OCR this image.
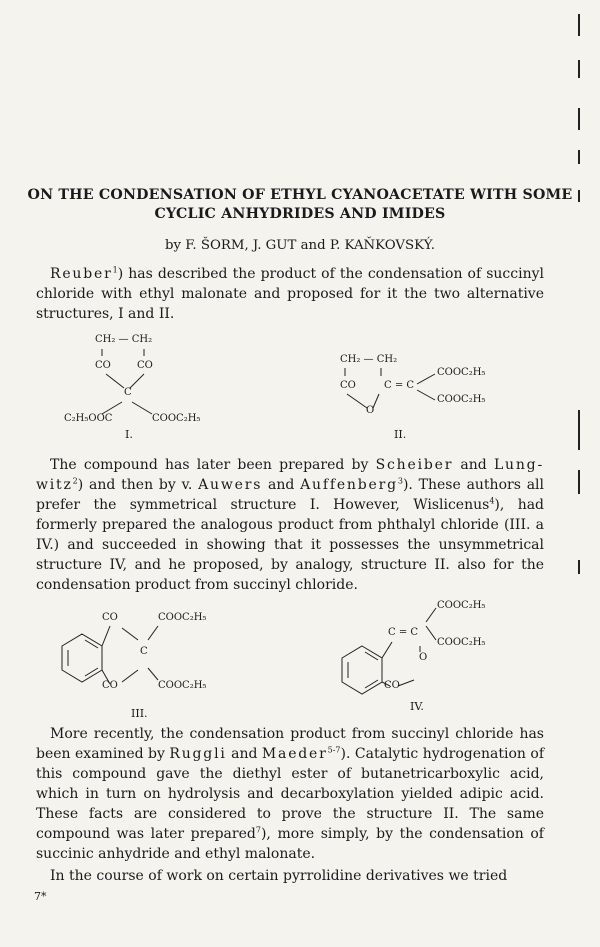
ON THE CONDENSATION OF ETHYL CYANOACETATE WITH SOME
CYCLIC ANHYDRIDES AND IMIDES
by F. ŠORM, J. GUT and P. KAŇKOVSKÝ.

Reuber$^1$) has described the product of the condensation of succinyl chloride with ethyl malonate and proposed for it the two alternative structures, I and II.

CH₂ — CH₂
CO	CO
C
C₂H₅OOC	COOC₂H₅
I.
CH₂ — CH₂
CO	C = C
O
COOC₂H₅
COOC₂H₅
II.

The compound has later been prepared by Scheiber and Lung-witz$^2$) and then by v. Auwers and Auffenberg$^3$). These authors all prefer the symmetrical structure I. However, Wislicenus$^4$), had formerly prepared the analogous product from phthalyl chloride (III. a IV.) and succeeded in showing that it possesses the unsymmetrical structure IV, and he proposed, by analogy, structure II. also for the condensation product from succinyl chloride.

CO
CO
C
COOC₂H₅
COOC₂H₅
III.
C = C
O
CO
COOC₂H₅
COOC₂H₅
IV.

More recently, the condensation product from succinyl chloride has been examined by Ruggli and Maeder$^{5-7}$). Catalytic hydrogenation of this compound gave the diethyl ester of butanetricarboxylic acid, which in turn on hydrolysis and decarboxylation yielded adipic acid. These facts are considered to prove the structure II. The same compound was later prepared$^7$), more simply, by the condensation of succinic anhydride and ethyl malonate.

In the course of work on certain pyrrolidine derivatives we tried

7*
